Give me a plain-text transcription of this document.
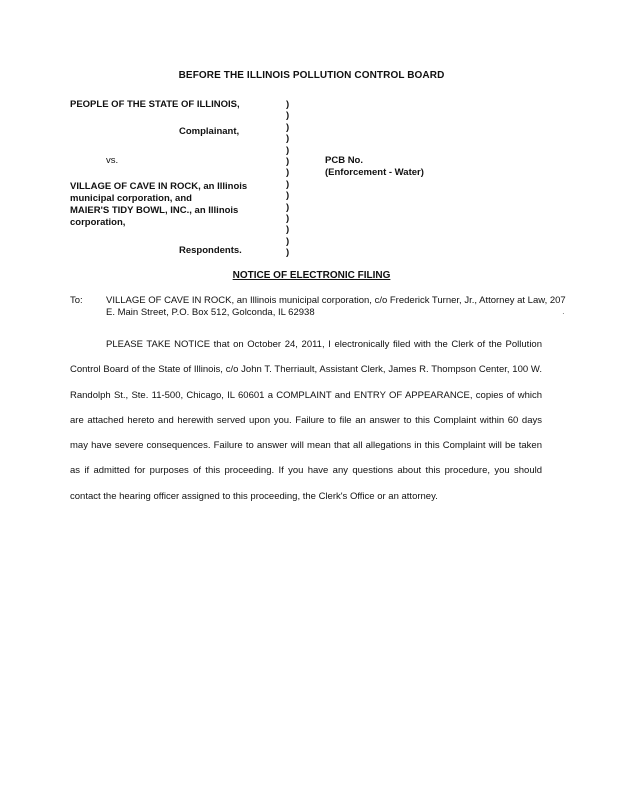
BEFORE THE ILLINOIS POLLUTION CONTROL BOARD
PEOPLE OF THE STATE OF ILLINOIS,
Complainant,
vs.
VILLAGE OF CAVE IN ROCK, an Illinois
municipal corporation, and
MAIER'S TIDY BOWL, INC., an Illinois
corporation,
Respondents.
)
)
)
)
)
)
)
)
)
)
)
)
)
)
PCB No.
(Enforcement - Water)
NOTICE OF ELECTRONIC FILING
To: VILLAGE OF CAVE IN ROCK, an Illinois municipal corporation, c/o Frederick Turner, Jr., Attorney at Law, 207 E. Main Street, P.O. Box 512, Golconda, IL 62938	·
PLEASE TAKE NOTICE that on October 24, 2011, I electronically filed with the Clerk of the Pollution Control Board of the State of Illinois, c/o John T. Therriault, Assistant Clerk, James R. Thompson Center, 100 W. Randolph St., Ste. 11-500, Chicago, IL 60601 a COMPLAINT and ENTRY OF APPEARANCE, copies of which are attached hereto and herewith served upon you. Failure to file an answer to this Complaint within 60 days may have severe consequences. Failure to answer will mean that all allegations in this Complaint will be taken as if admitted for purposes of this proceeding. If you have any questions about this procedure, you should contact the hearing officer assigned to this proceeding, the Clerk's Office or an attorney.
